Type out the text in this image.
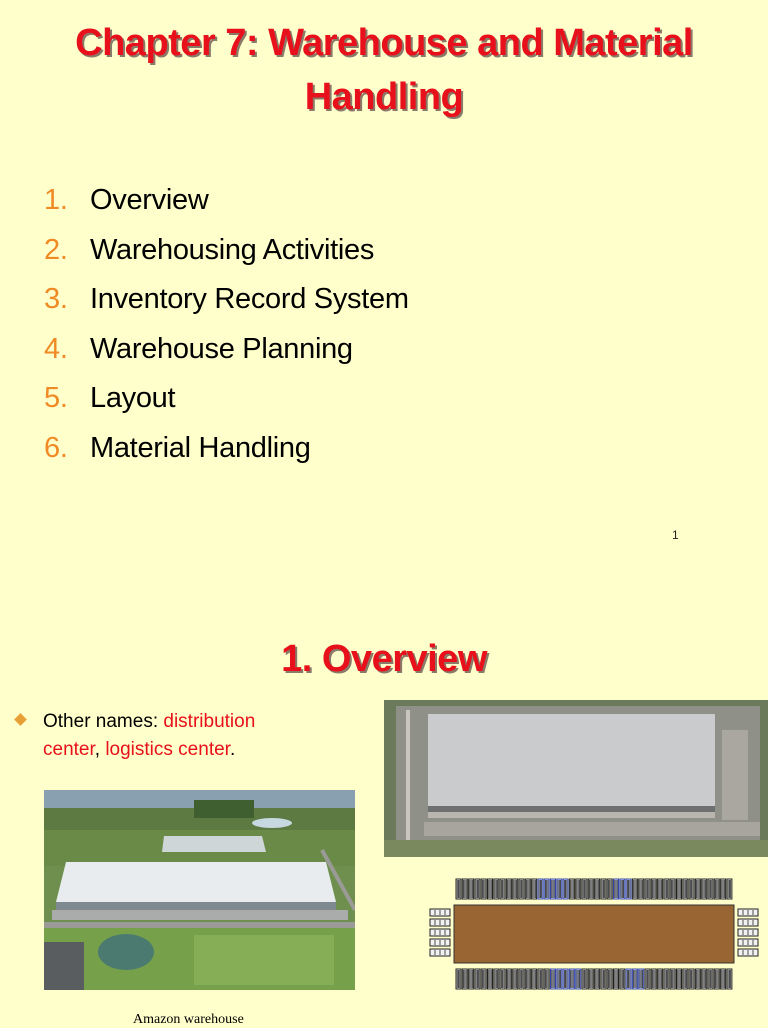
Chapter 7: Warehouse and Material Handling
1. Overview
2. Warehousing Activities
3. Inventory Record System
4. Warehouse Planning
5. Layout
6. Material Handling
1
1. Overview
Other names: distribution center, logistics center.
Amazon warehouse
